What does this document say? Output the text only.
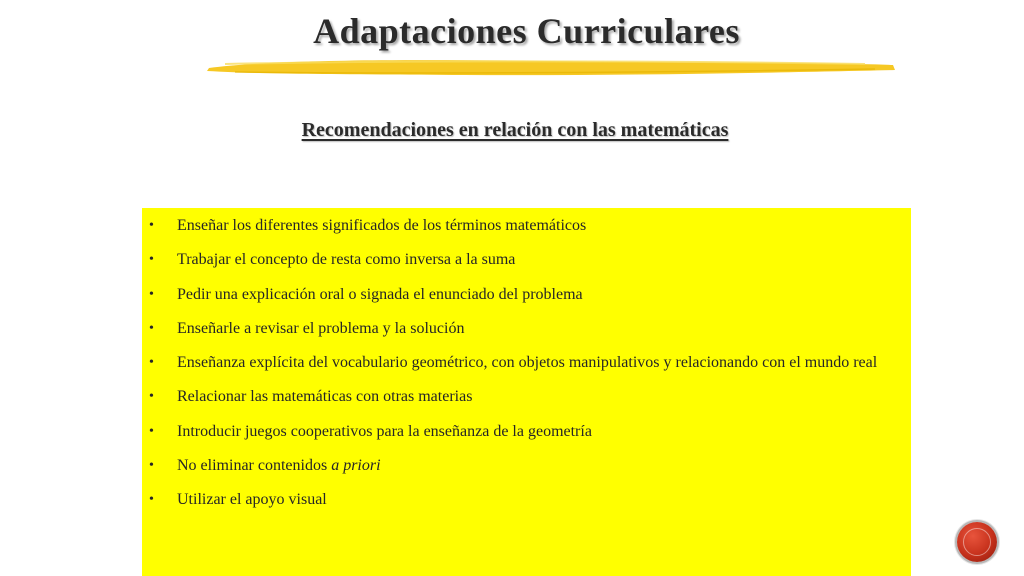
Adaptaciones Curriculares
Recomendaciones en relación con las matemáticas
• Enseñar los diferentes significados de los términos matemáticos
• Trabajar el concepto de resta como inversa a la suma
• Pedir una explicación oral o signada el enunciado del problema
• Enseñarle a revisar el problema y la solución
• Enseñanza explícita del vocabulario geométrico, con objetos manipulativos y relacionando con el mundo real
• Relacionar las matemáticas con otras materias
• Introducir juegos cooperativos para la enseñanza de la geometría
• No eliminar contenidos a priori
• Utilizar el apoyo visual
